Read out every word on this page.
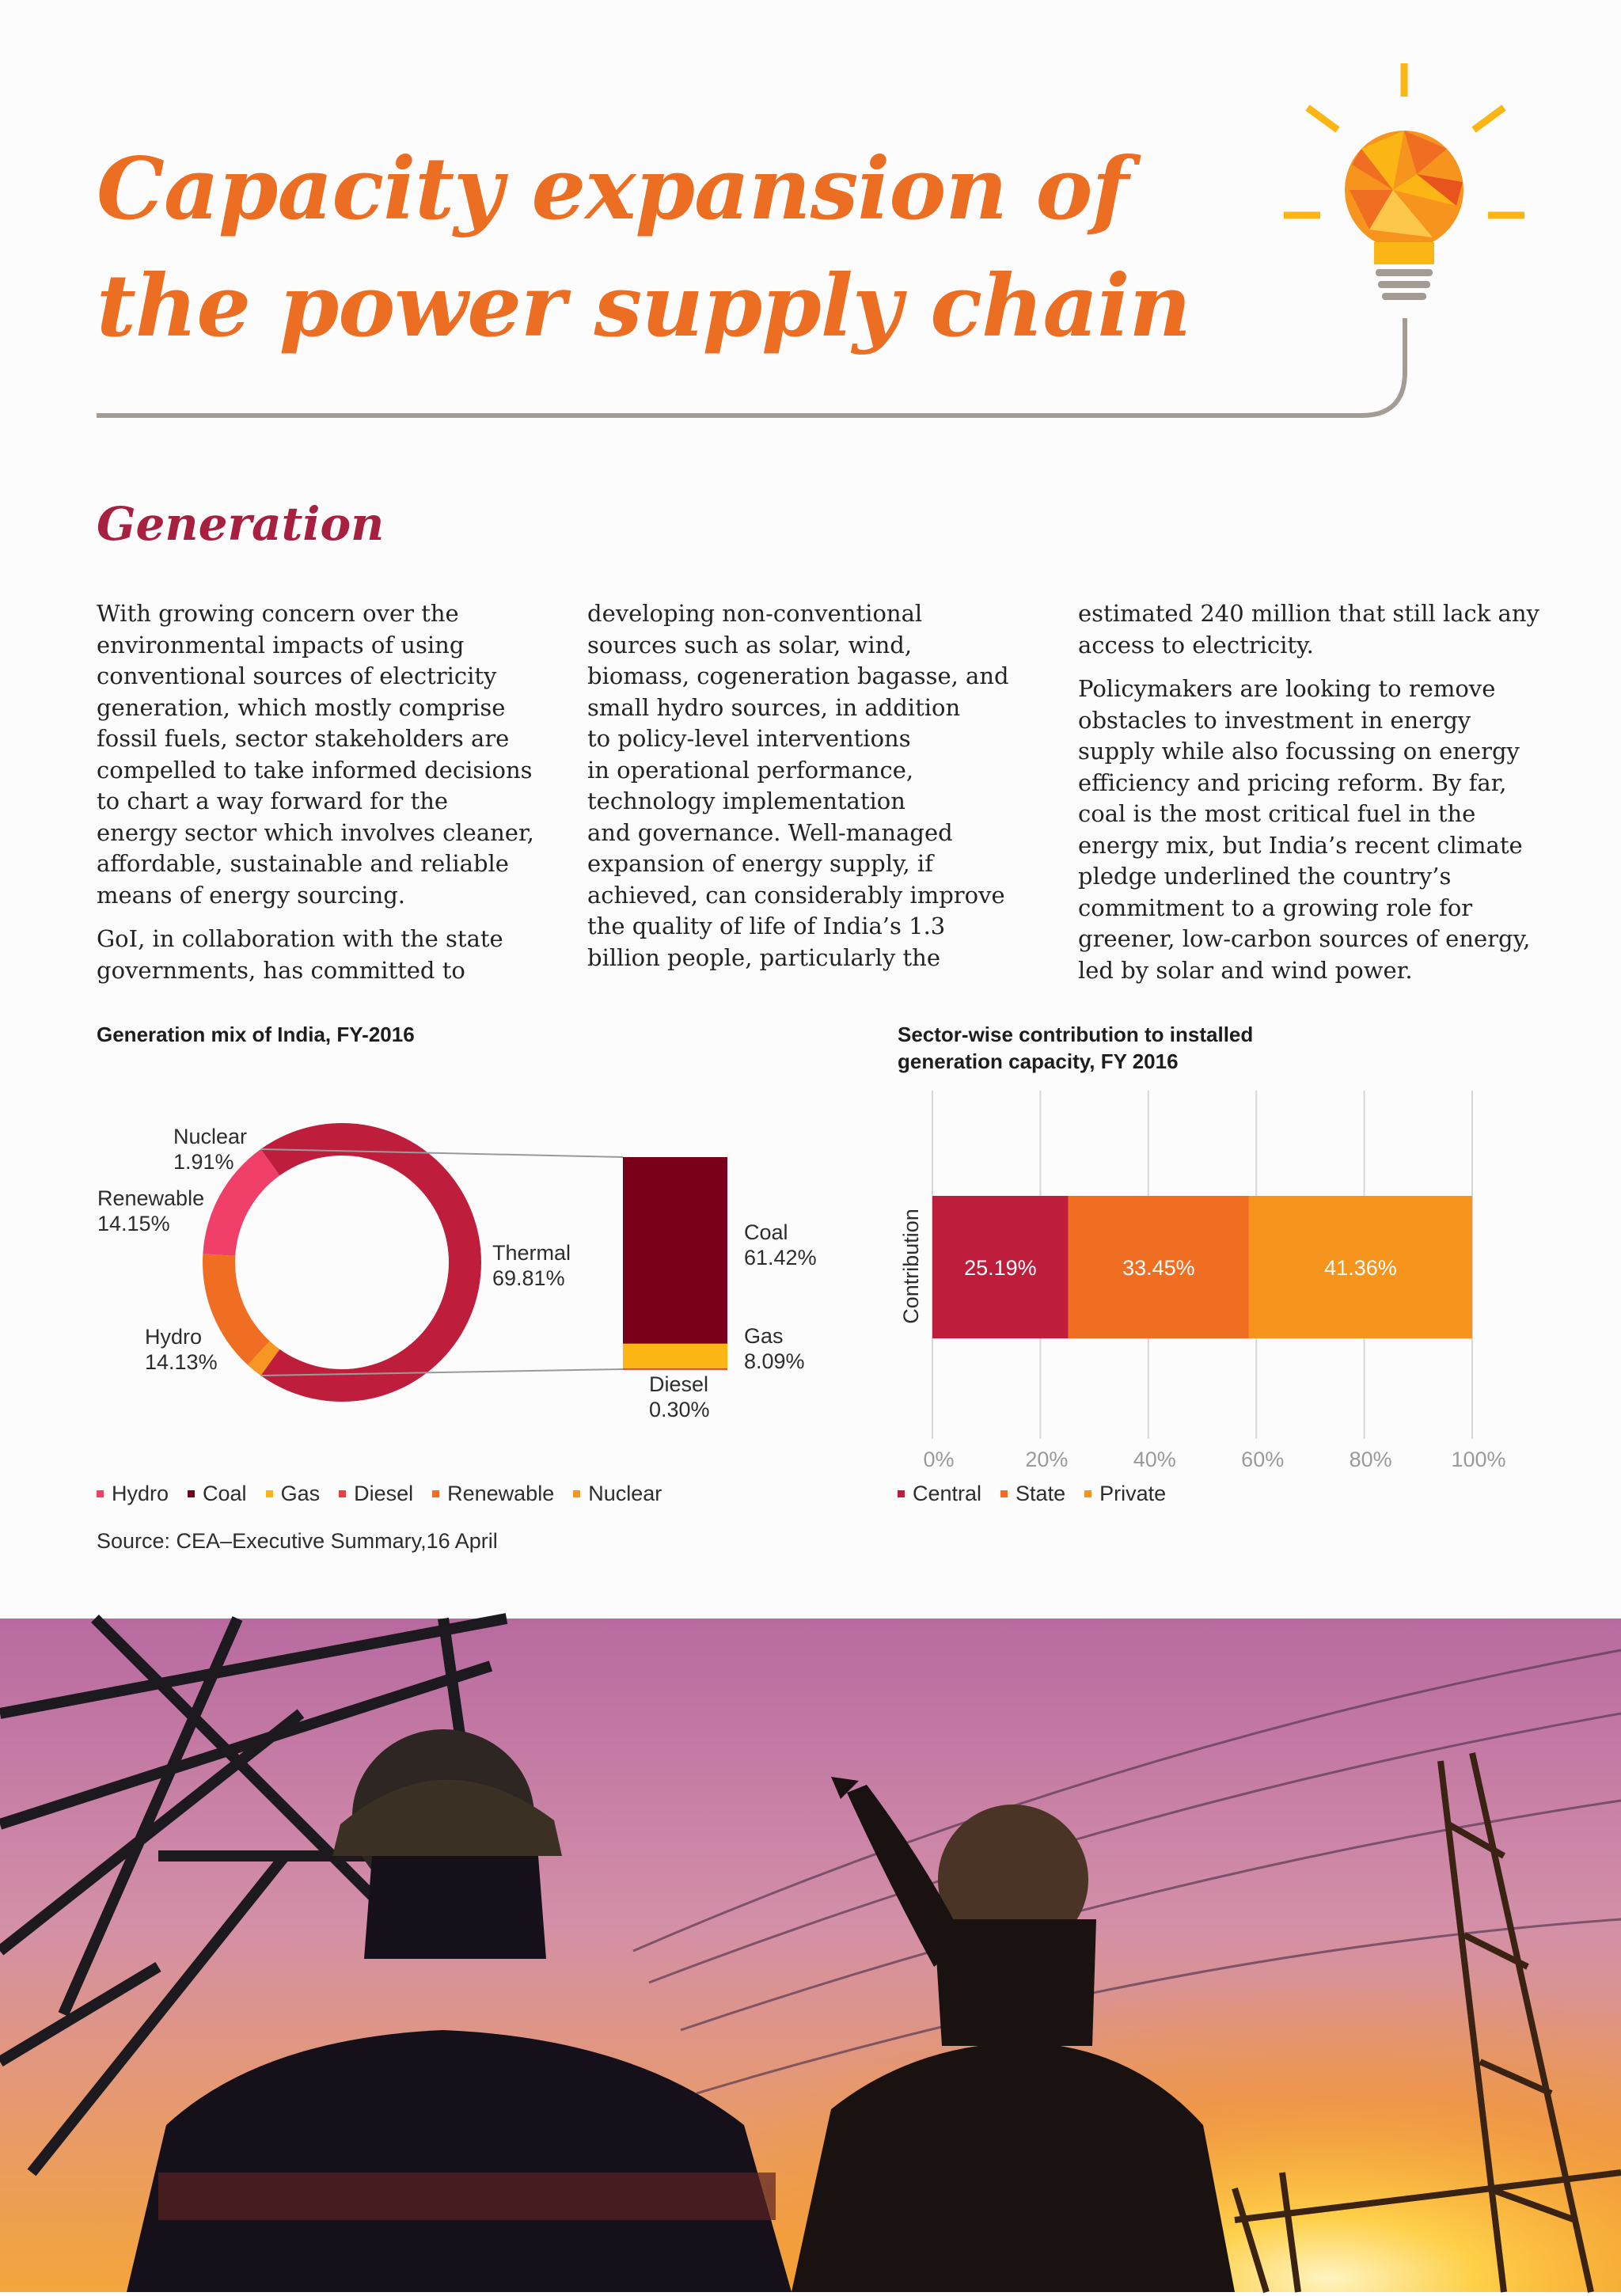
Capacity expansion of
the power supply chain
Generation

With growing concern over the
environmental impacts of using
conventional sources of electricity
generation, which mostly comprise
fossil fuels, sector stakeholders are
compelled to take informed decisions
to chart a way forward for the
energy sector which involves cleaner,
affordable, sustainable and reliable
means of energy sourcing.

GoI, in collaboration with the state
governments, has committed to

developing non-conventional
sources such as solar, wind,
biomass, cogeneration bagasse, and
small hydro sources, in addition
to policy-level interventions
in operational performance,
technology implementation
and governance. Well-managed
expansion of energy supply, if
achieved, can considerably improve
the quality of life of India’s 1.3
billion people, particularly the

estimated 240 million that still lack any
access to electricity.

Policymakers are looking to remove
obstacles to investment in energy
supply while also focussing on energy
efficiency and pricing reform. By far,
coal is the most critical fuel in the
energy mix, but India’s recent climate
pledge underlined the country’s
commitment to a growing role for
greener, low-carbon sources of energy,
led by solar and wind power.

Generation mix of India, FY-2016
Thermal 69.81%
Hydro 14.13%
Renewable 14.15%
Nuclear 1.91%
Coal 61.42%
Gas 8.09%
Diesel 0.30%
Hydro Coal Gas Diesel Renewable Nuclear
Sector-wise contribution to installed
generation capacity, FY 2016
0%	20%	40%	60%	80%	100%
Contribution 25.19%	33.45%	41.36%
Central State Private
Source: CEA–Executive Summary,16 April
